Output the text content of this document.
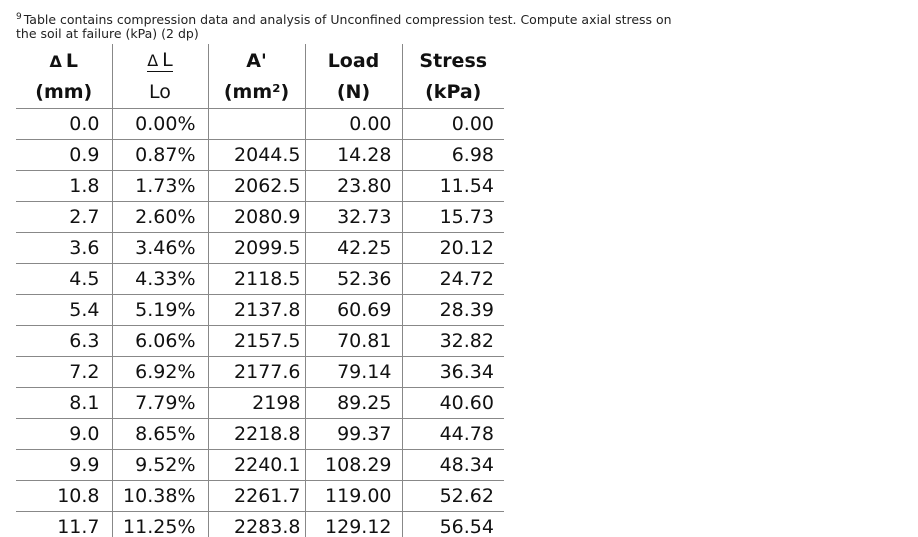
$^9$ Table contains compression data and analysis of Unconfined compression test. Compute axial stress on the soil at failure (kPa) (2 dp)
Δ L	Δ L	A'	Load	Stress
(mm)	Lo	(mm²)	(N)	(kPa)
0.0	0.00%		0.00	0.00
0.9	0.87%	2044.5	14.28	6.98
1.8	1.73%	2062.5	23.80	11.54
2.7	2.60%	2080.9	32.73	15.73
3.6	3.46%	2099.5	42.25	20.12
4.5	4.33%	2118.5	52.36	24.72
5.4	5.19%	2137.8	60.69	28.39
6.3	6.06%	2157.5	70.81	32.82
7.2	6.92%	2177.6	79.14	36.34
8.1	7.79%	2198	89.25	40.60
9.0	8.65%	2218.8	99.37	44.78
9.9	9.52%	2240.1	108.29	48.34
10.8	10.38%	2261.7	119.00	52.62
11.7	11.25%	2283.8	129.12	56.54
